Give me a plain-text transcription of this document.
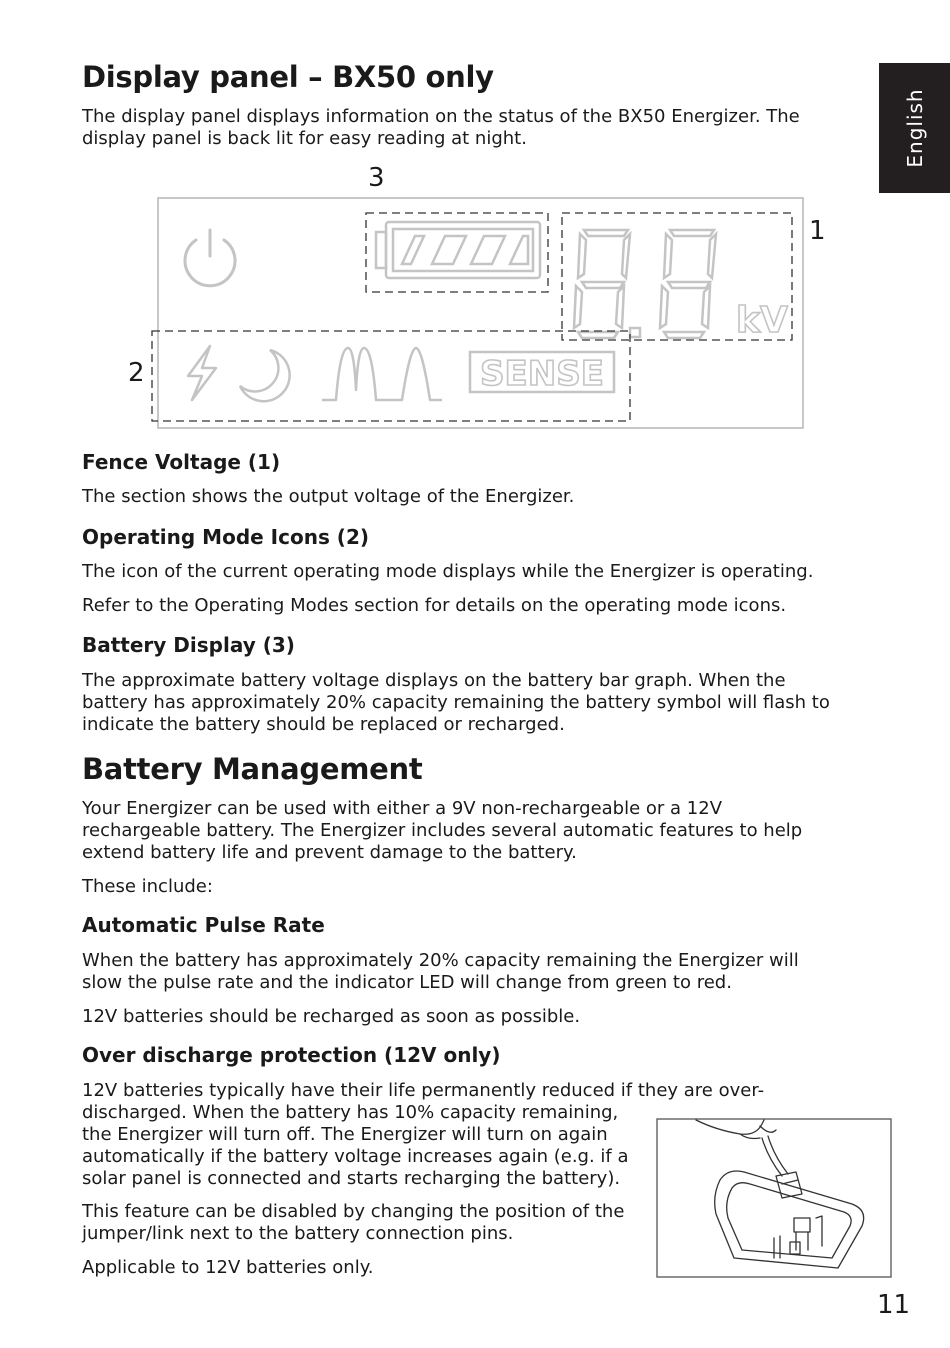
English
Display panel – BX50 only

The display panel displays information on the status of the BX50 Energizer. The

display panel is back lit for easy reading at night.

3
1
2
kV
SENSE
Fence Voltage (1)

The section shows the output voltage of the Energizer.

Operating Mode Icons (2)

The icon of the current operating mode displays while the Energizer is operating.

Refer to the Operating Modes section for details on the operating mode icons.

Battery Display (3)

The approximate battery voltage displays on the battery bar graph. When the

battery has approximately 20% capacity remaining the battery symbol will flash to

indicate the battery should be replaced or recharged.

Battery Management

Your Energizer can be used with either a 9V non-rechargeable or a 12V

rechargeable battery. The Energizer includes several automatic features to help

extend battery life and prevent damage to the battery.

These include:

Automatic Pulse Rate

When the battery has approximately 20% capacity remaining the Energizer will

slow the pulse rate and the indicator LED will change from green to red.

12V batteries should be recharged as soon as possible.

Over discharge protection (12V only)

12V batteries typically have their life permanently reduced if they are over-

discharged. When the battery has 10% capacity remaining,

the Energizer will turn off. The Energizer will turn on again

automatically if the battery voltage increases again (e.g. if a

solar panel is connected and starts recharging the battery).

This feature can be disabled by changing the position of the

jumper/link next to the battery connection pins.

Applicable to 12V batteries only.

11
